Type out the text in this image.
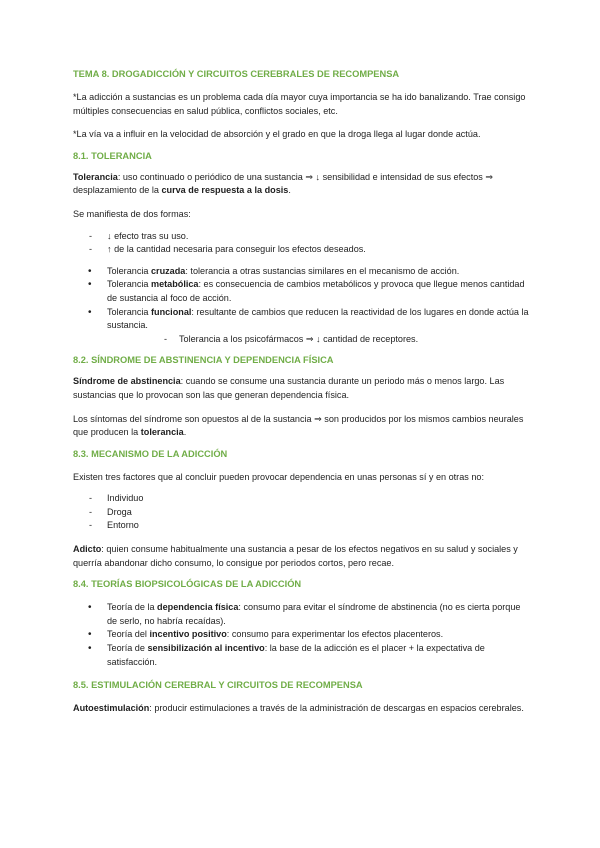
TEMA 8. DROGADICCIÓN Y CIRCUITOS CEREBRALES DE RECOMPENSA

*La adicción a sustancias es un problema cada día mayor cuya importancia se ha ido banalizando. Trae consigo múltiples consecuencias en salud pública, conflictos sociales, etc.

*La vía va a influir en la velocidad de absorción y el grado en que la droga llega al lugar donde actúa.

8.1. TOLERANCIA

Tolerancia: uso continuado o periódico de una sustancia ⇒ ↓ sensibilidad e intensidad de sus efectos ⇒ desplazamiento de la curva de respuesta a la dosis.

Se manifiesta de dos formas:

- ↓ efecto tras su uso.
- ↑ de la cantidad necesaria para conseguir los efectos deseados.
• Tolerancia cruzada: tolerancia a otras sustancias similares en el mecanismo de acción.
• Tolerancia metabólica: es consecuencia de cambios metabólicos y provoca que llegue menos cantidad de sustancia al foco de acción.
• Tolerancia funcional: resultante de cambios que reducen la reactividad de los lugares en donde actúa la sustancia.
- Tolerancia a los psicofármacos ⇒ ↓ cantidad de receptores.

8.2. SÍNDROME DE ABSTINENCIA Y DEPENDENCIA FÍSICA

Síndrome de abstinencia: cuando se consume una sustancia durante un periodo más o menos largo. Las sustancias que lo provocan son las que generan dependencia física.

Los síntomas del síndrome son opuestos al de la sustancia ⇒ son producidos por los mismos cambios neurales que producen la tolerancia.

8.3. MECANISMO DE LA ADICCIÓN

Existen tres factores que al concluir pueden provocar dependencia en unas personas sí y en otras no:

- Individuo
- Droga
- Entorno

Adicto: quien consume habitualmente una sustancia a pesar de los efectos negativos en su salud y sociales y querría abandonar dicho consumo, lo consigue por periodos cortos, pero recae.

8.4. TEORÍAS BIOPSICOLÓGICAS DE LA ADICCIÓN

• Teoría de la dependencia física: consumo para evitar el síndrome de abstinencia (no es cierta porque de serlo, no habría recaídas).
• Teoría del incentivo positivo: consumo para experimentar los efectos placenteros.
• Teoría de sensibilización al incentivo: la base de la adicción es el placer + la expectativa de satisfacción.

8.5. ESTIMULACIÓN CEREBRAL Y CIRCUITOS DE RECOMPENSA

Autoestimulación: producir estimulaciones a través de la administración de descargas en espacios cerebrales.
